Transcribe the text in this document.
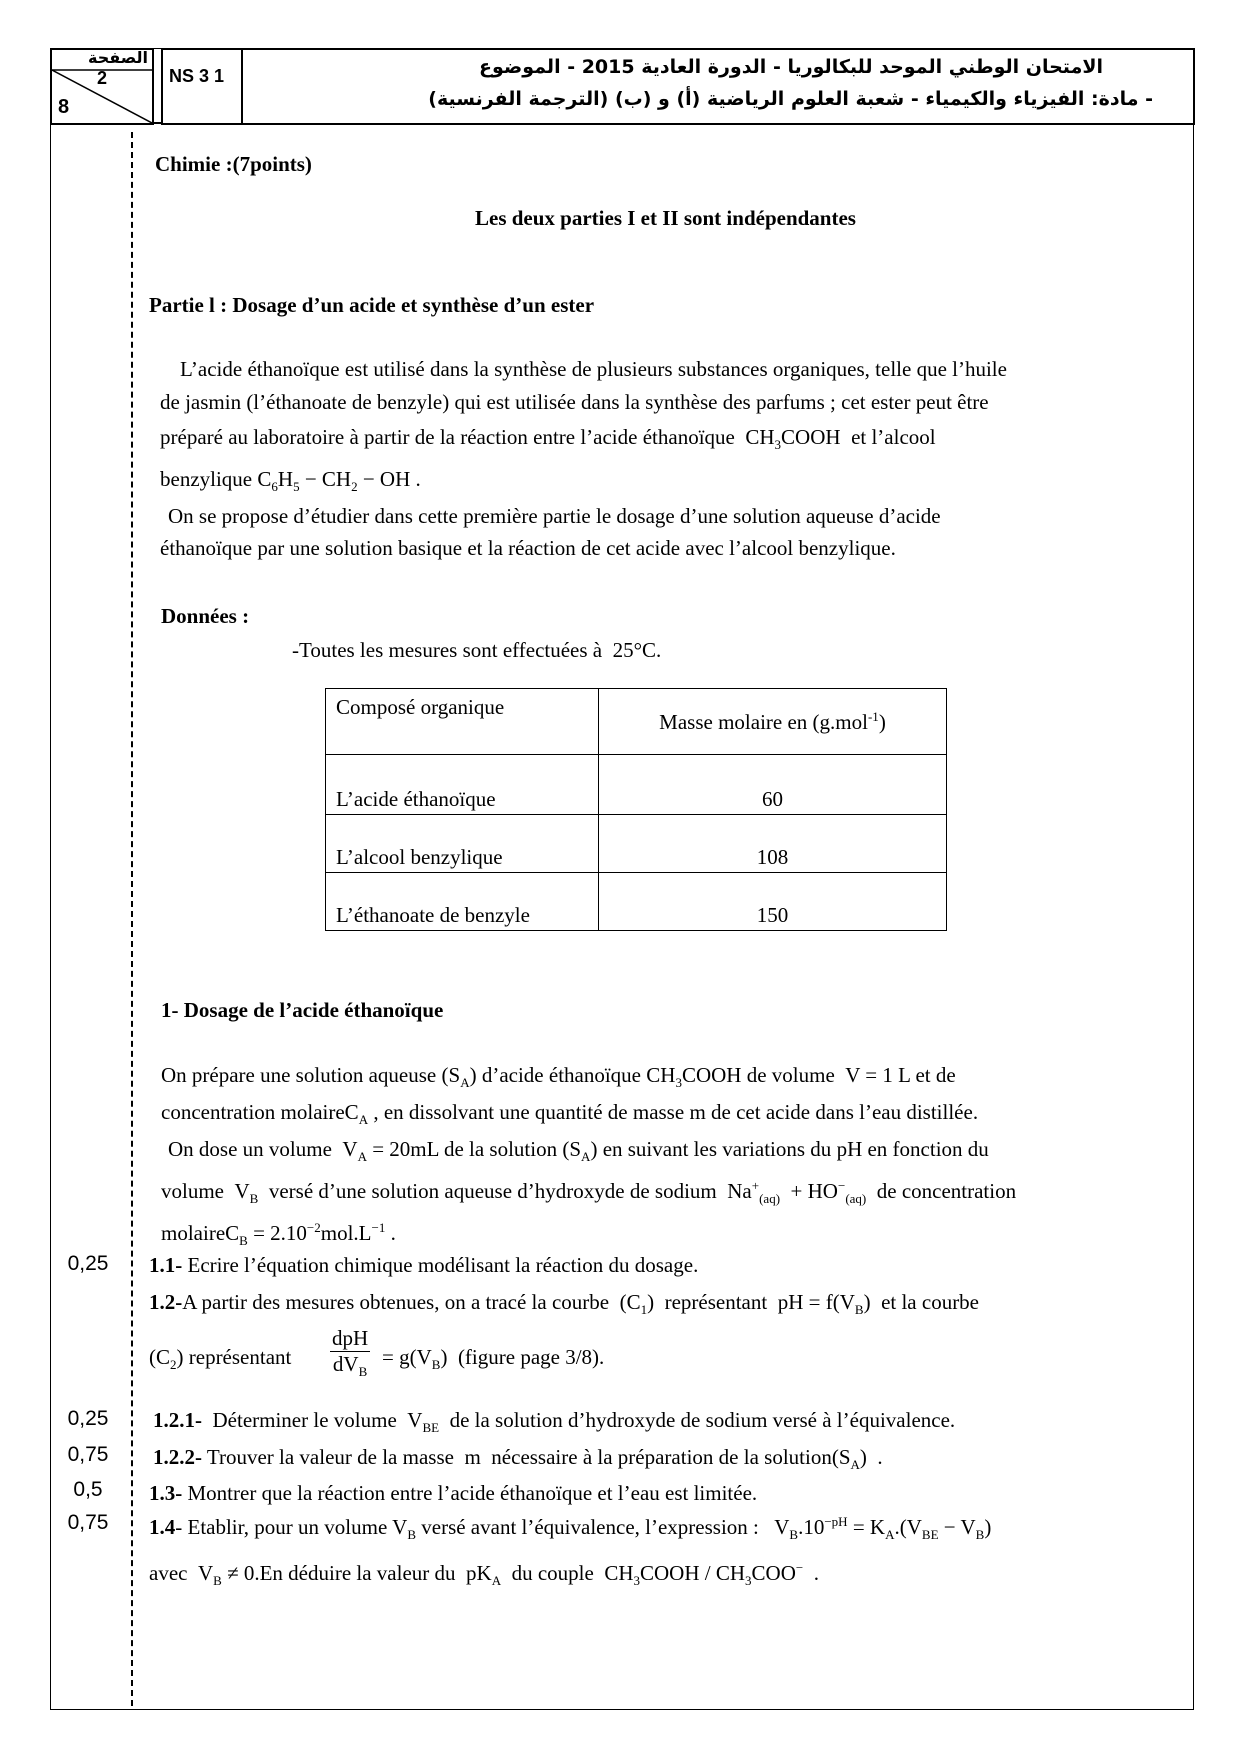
الصفحة
2
8
NS 3 1	الامتحان الوطني الموحد للبكالوريا - الدورة العادية 2015 - الموضوع
- مادة: الفيزياء والكيمياء - شعبة العلوم الرياضية (أ) و (ب) (الترجمة الفرنسية)
Chimie :(7points)
Les deux parties I et II sont indépendantes
Partie l : Dosage d’un acide et synthèse d’un ester
L’acide éthanoïque est utilisé dans la synthèse de plusieurs substances organiques, telle que l’huile
de jasmin (l’éthanoate de benzyle) qui est utilisée dans la synthèse des parfums ; cet ester peut être
préparé au laboratoire à partir de la réaction entre l’acide éthanoïque $CH_3COOH$ et l’alcool
benzylique $C_6H_5 - CH_2$ − OH .
On se propose d’étudier dans cette première partie le dosage d’une solution aqueuse d’acide
éthanoïque par une solution basique et la réaction de cet acide avec l’alcool benzylique.
Données :
-Toutes les mesures sont effectuées à 25°C.
Composé organique	Masse molaire en (g.mol$^{-1}$)
L’acide éthanoïque	60
L’alcool benzylique	108
L’éthanoate de benzyle	150
1- Dosage de l’acide éthanoïque
On prépare une solution aqueuse $(S_A)$ d’acide éthanoïque $CH_3COOH$ de volume  V = 1 L et de
concentration molaireC$_A$ , en dissolvant une quantité de masse m de cet acide dans l’eau distillée.
On dose un volume  $V_A = 20mL$ de la solution $(S_A)$ en suivant les variations du pH en fonction du
volume  $V_B$ versé d’une solution aqueuse d’hydroxyde de sodium  $Na^+_{(aq)} + HO^-_{(aq)}$ de concentration
molaireC$_B$ = $2.10^{-2}mol.L^{-1}$ .
1.1- Ecrire l’équation chimique modélisant la réaction du dosage.
1.2-A partir des mesures obtenues, on a tracé la courbe  $(C_1)$  représentant  pH = $f(V_B)$  et la courbe
$(C_2)$ représentant
dpH
$dV_B$
= $g(V_B)$  (figure page 3/8).
1.2.1- Déterminer le volume  $V_{BE}$ de la solution d’hydroxyde de sodium versé à l’équivalence.
1.2.2- Trouver la valeur de la masse  m  nécessaire à la préparation de la $solution(S_A)$  .
1.3- Montrer que la réaction entre l’acide éthanoïque et l’eau est limitée.
1.4- Etablir, pour un volume $V_B$ versé avant l’équivalence, l’expression :   $V_B.10^{-pH} = K_A.(V_{BE} - V_B)$
avec  $V_B \ne 0.En$ déduire la valeur du  $pK_A$ du couple  $CH_3COOH / CH_3COO^-$  .
0,25
0,25
0,75
0,5
0,75
